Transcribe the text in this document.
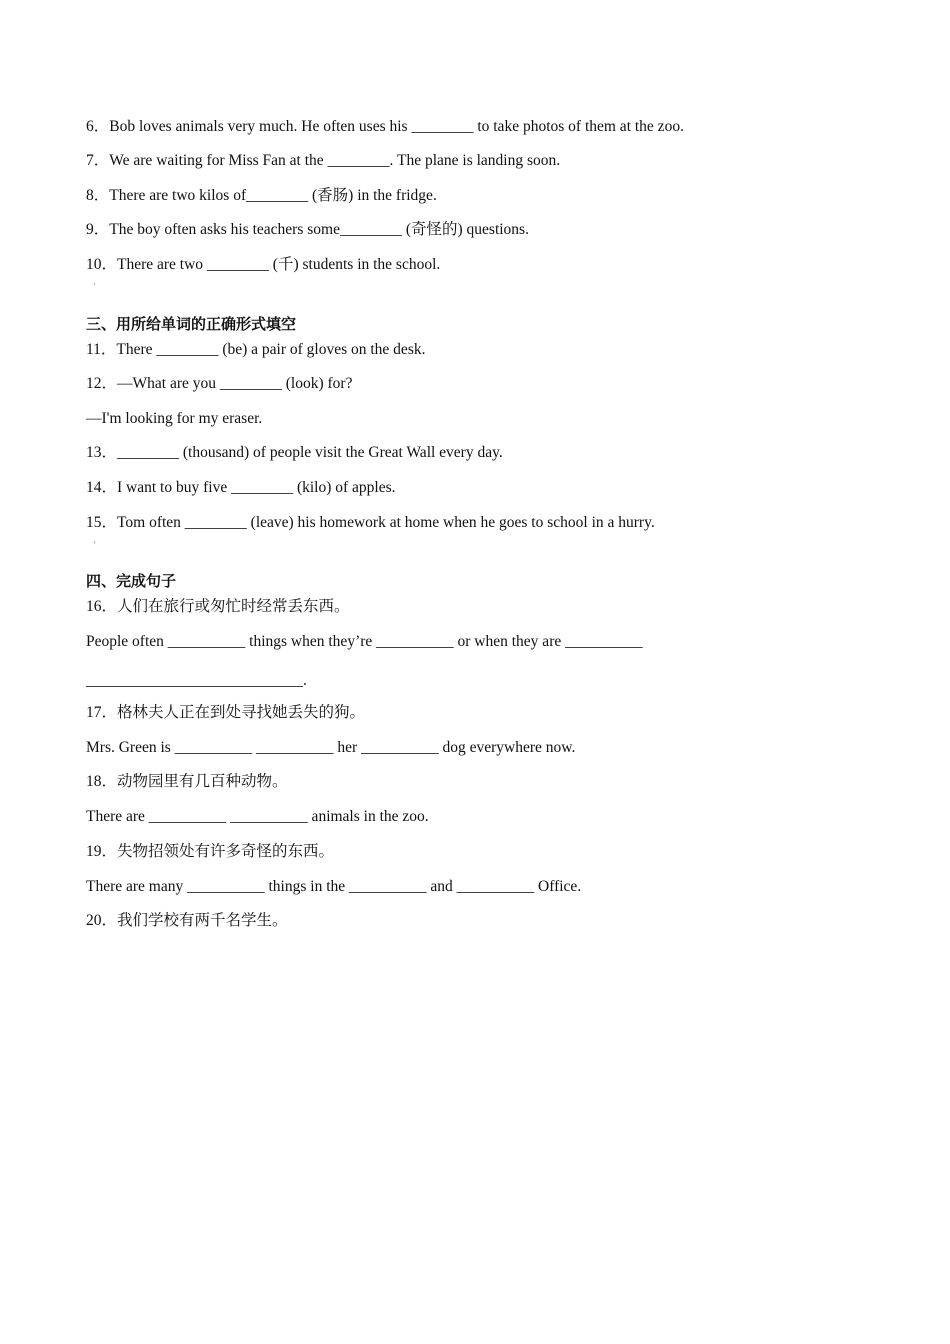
6．Bob loves animals very much. He often uses his ________ to take photos of them at the zoo.
7．We are waiting for Miss Fan at the ________. The plane is landing soon.
8．There are two kilos of________ (香肠) in the fridge.
9．The boy often asks his teachers some________ (奇怪的) questions.
10．There are two ________ (千) students in the school.
'
三、用所给单词的正确形式填空
11．There ________ (be) a pair of gloves on the desk.
12．—What are you ________ (look) for?
—I'm looking for my eraser.
13．________ (thousand) of people visit the Great Wall every day.
14．I want to buy five ________ (kilo) of apples.
15．Tom often ________ (leave) his homework at home when he goes to school in a hurry.
'
四、完成句子
16．人们在旅行或匆忙时经常丢东西。
People often __________ things when they’re __________ or when they are __________
____________________________.
17．格林夫人正在到处寻找她丢失的狗。
Mrs. Green is __________ __________ her __________ dog everywhere now.
18．动物园里有几百种动物。
There are __________ __________ animals in the zoo.
19．失物招领处有许多奇怪的东西。
There are many __________ things in the __________ and __________ Office.
20．我们学校有两千名学生。
